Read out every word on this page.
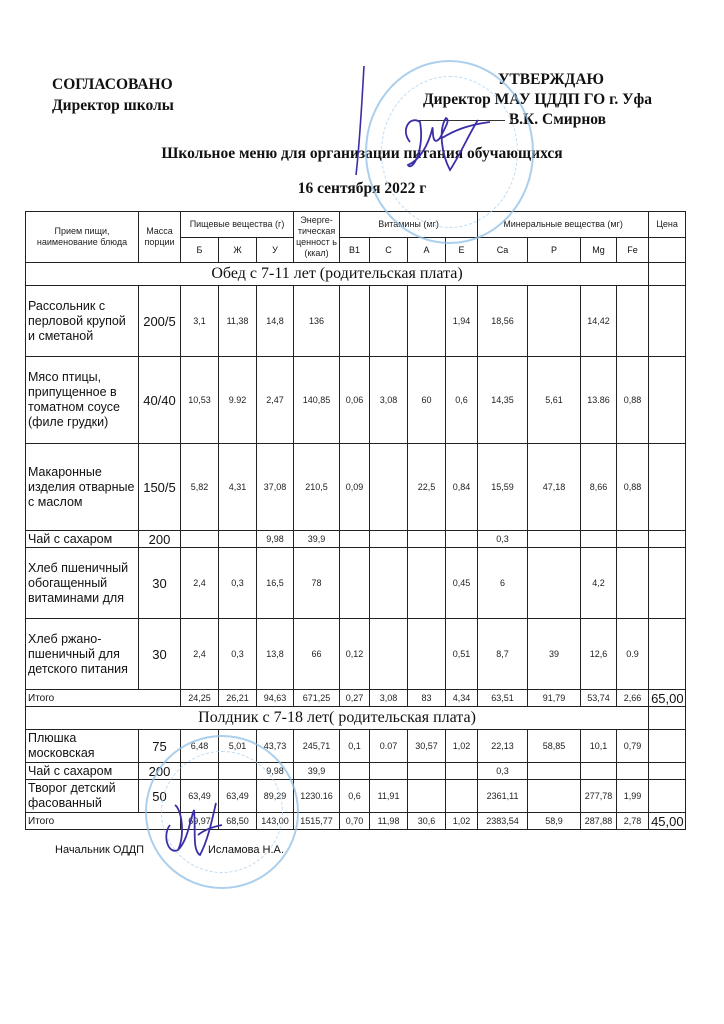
СОГЛАСОВАНО
Директор школы
УТВЕРЖДАЮ
Директор МАУ ЦДДП ГО г. Уфа
В.К. Смирнов
Школьное меню для организации питания обучающихся
16 сентября 2022 г
Прием пищи, наименование блюда	Масса порции	Пищевые вещества (г)			Энерге-тическая ценност ь (ккал)	Витамины (мг)				Минеральные вещества (мг)				Цена
		Б	Ж	У		B1	C	A	E	Ca	P	Mg	Fe	
Обед с 7-11 лет (родительская плата)														
Рассольник с перловой крупой и сметаной	200/5	3,1	11,38	14,8	136				1,94	18,56		14,42		
Мясо птицы, припущенное в томатном соусе (филе грудки)	40/40	10,53	9.92	2,47	140,85	0,06	3,08	60	0,6	14,35	5,61	13.86	0,88	
Макаронные изделия отварные с маслом	150/5	5,82	4,31	37,08	210,5	0,09		22,5	0,84	15,59	47,18	8,66	0,88	
Чай с сахаром	200			9,98	39,9					0,3				
Хлеб пшеничный обогащенный витаминами для	30	2,4	0,3	16,5	78				0,45	6		4,2		
Хлеб ржано-пшеничный для детского питания	30	2,4	0,3	13,8	66	0,12			0,51	8,7	39	12,6	0.9	
Итого		24,25	26,21	94,63	671,25	0,27	3,08	83	4,34	63,51	91,79	53,74	2,66	65,00
Полдник с 7-18 лет( родительская плата)														
Плюшка московская	75	6,48	5,01	43,73	245,71	0,1	0.07	30,57	1,02	22,13	58,85	10,1	0,79	
Чай с сахаром	200			9,98	39,9					0,3				
Творог детский фасованный	50	63,49	63,49	89,29	1230.16	0,6	11,91			2361,11		277,78	1,99	
Итого		69,97	68,50	143,00	1515,77	0,70	11,98	30,6	1,02	2383,54	58,9	287,88	2,78	45,00
Начальник ОДДП	Исламова Н.А.
